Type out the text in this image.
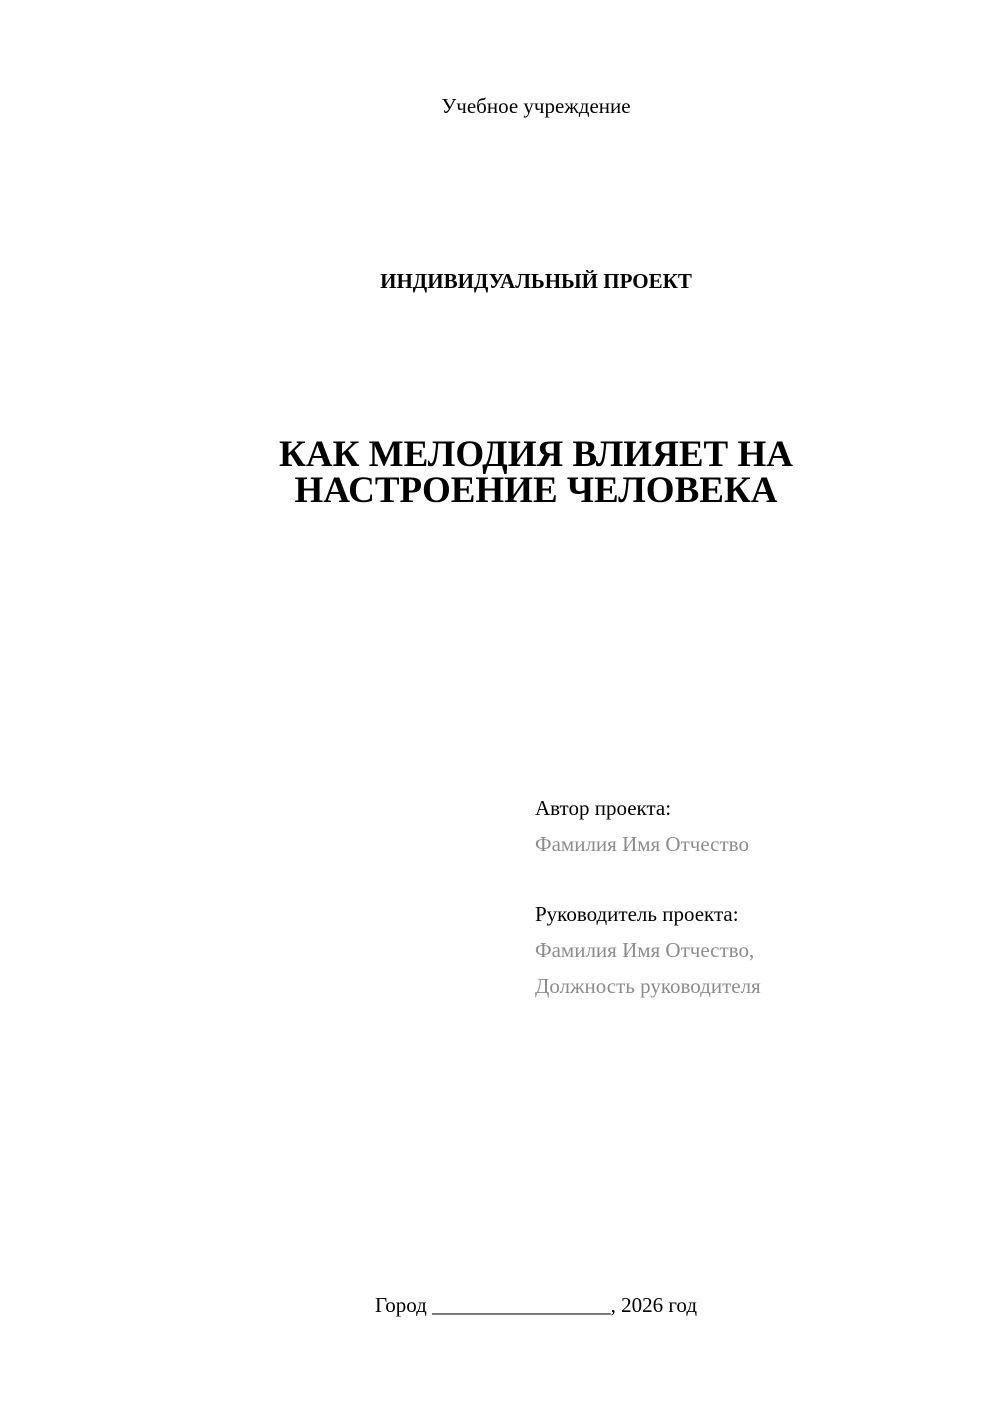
Учебное учреждение
ИНДИВИДУАЛЬНЫЙ ПРОЕКТ
КАК МЕЛОДИЯ ВЛИЯЕТ НА
НАСТРОЕНИЕ ЧЕЛОВЕКА
Автор проекта:
Фамилия Имя Отчество
Руководитель проекта:
Фамилия Имя Отчество,
Должность руководителя
Город _________________, 2026 год
